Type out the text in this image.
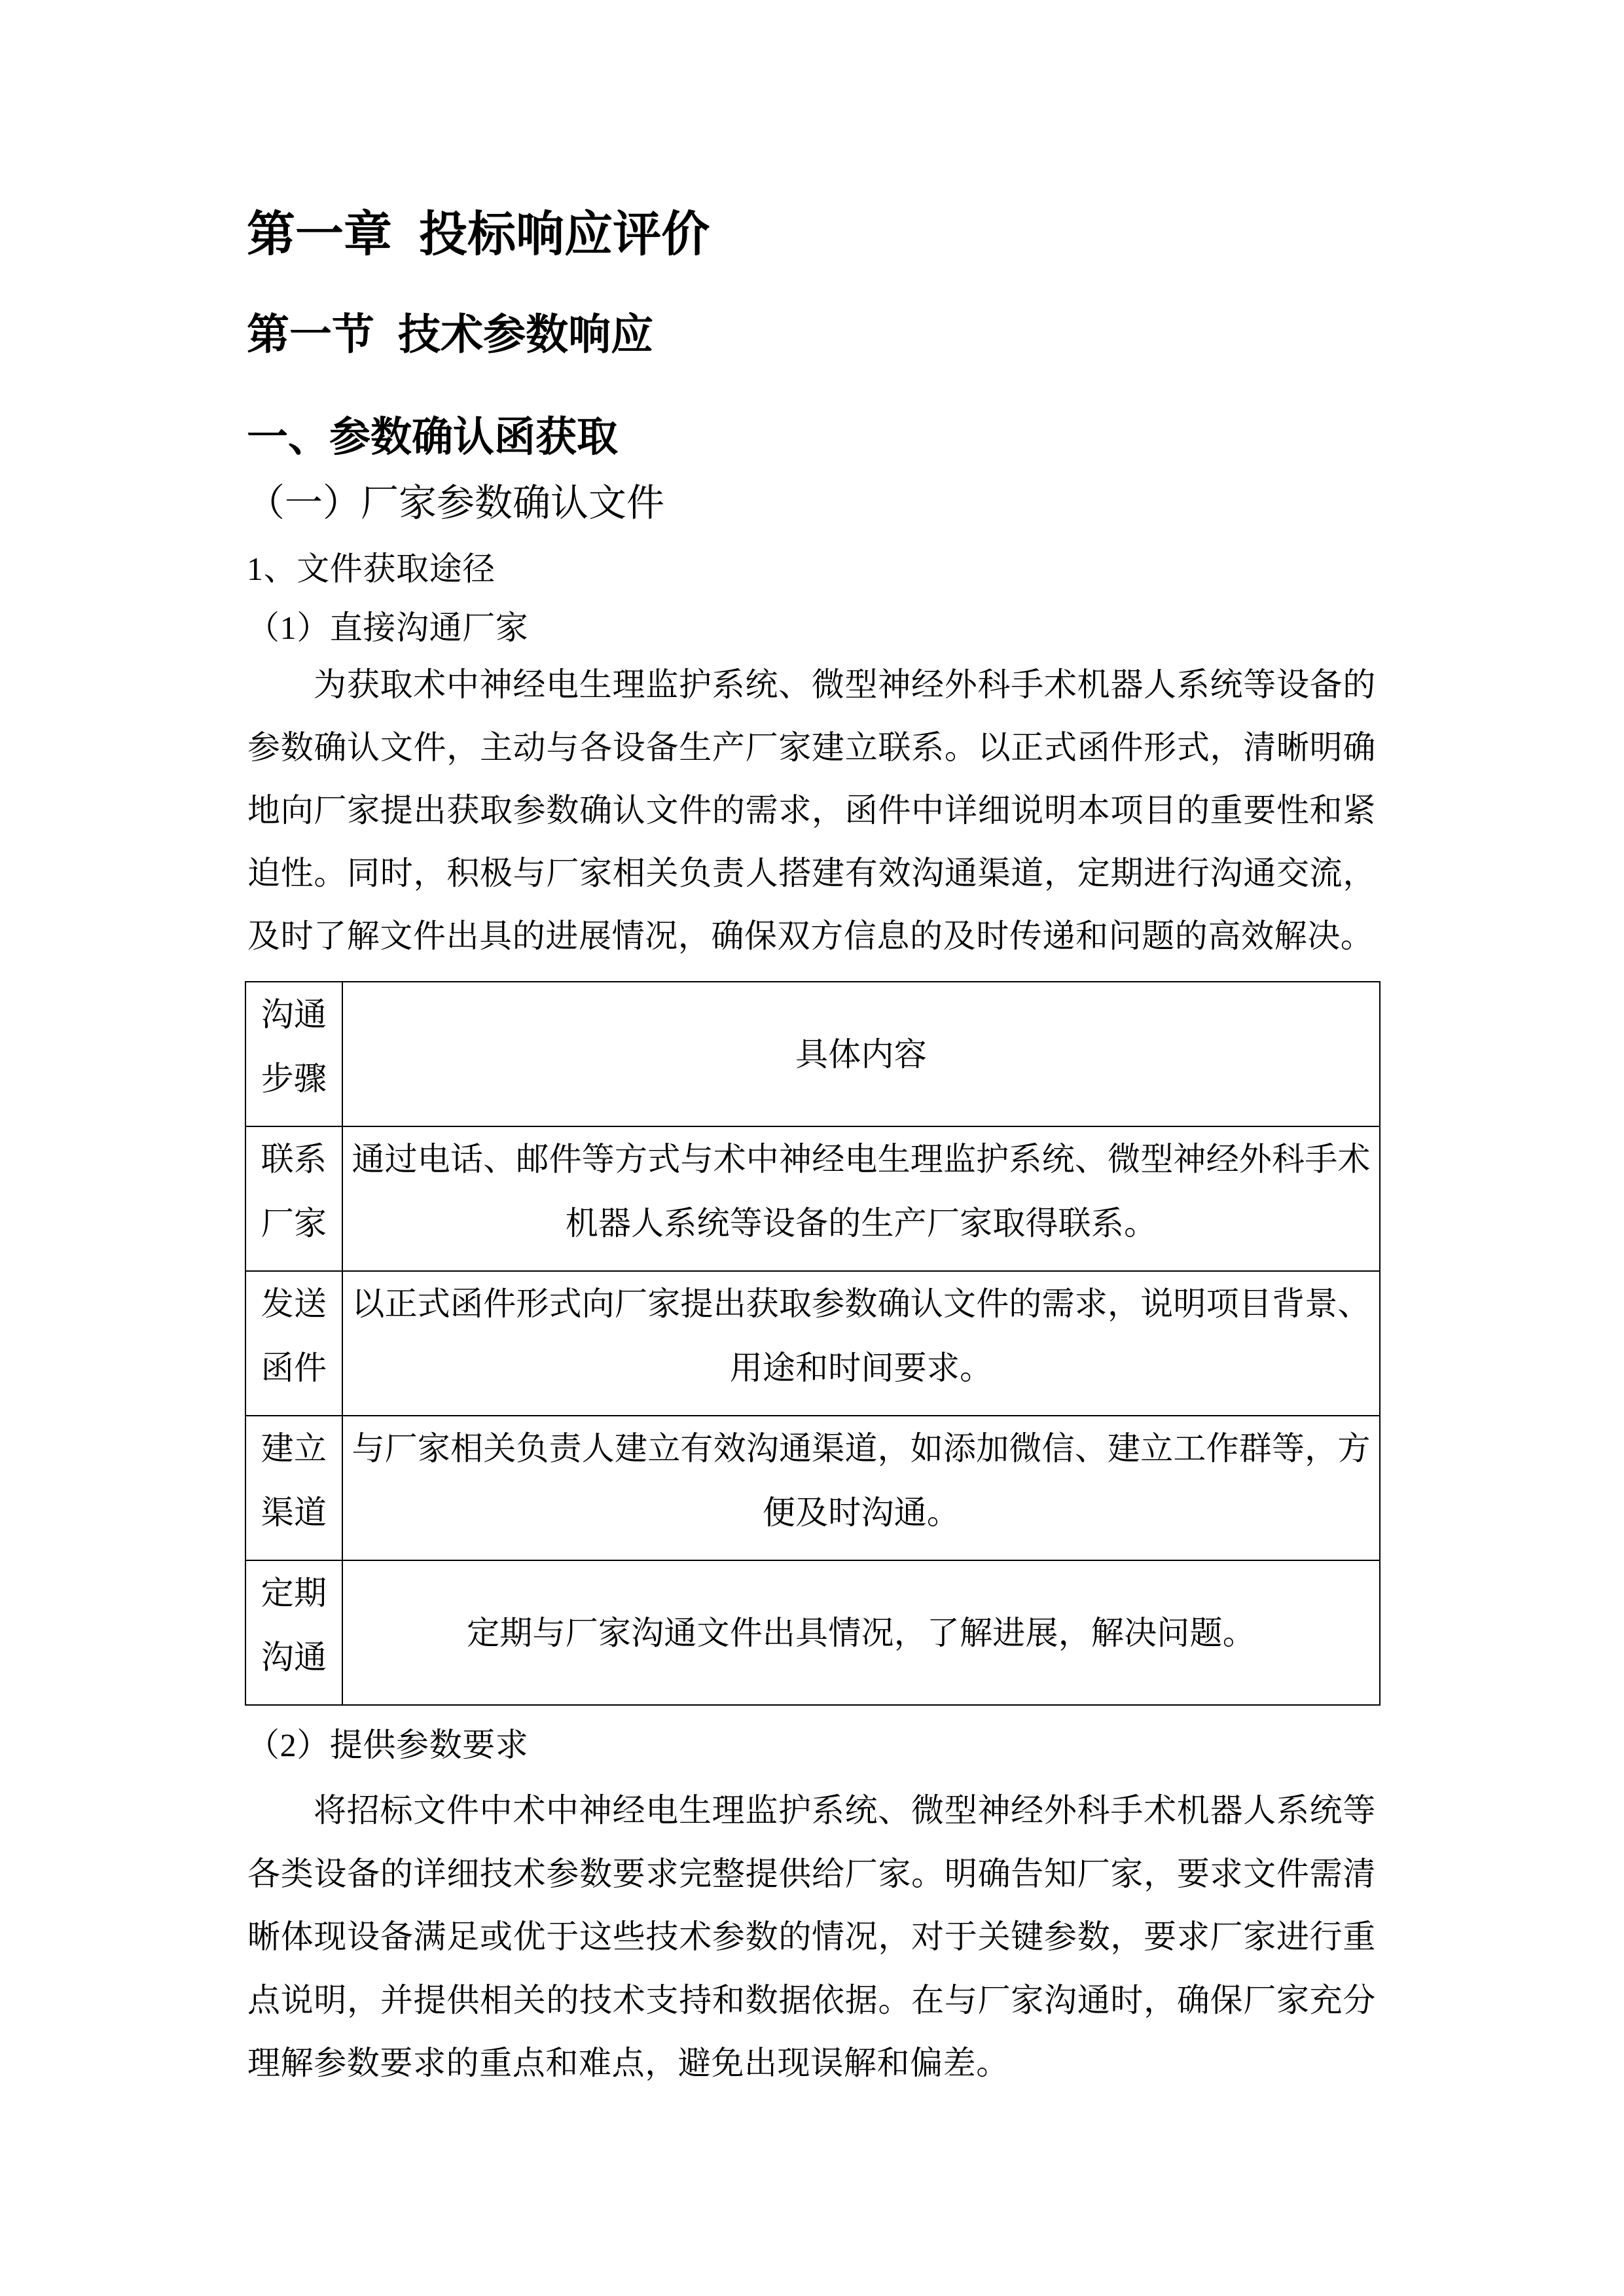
第一章  投标响应评价
第一节  技术参数响应
一、参数确认函获取
（一）厂家参数确认文件
1、文件获取途径
（1）直接沟通厂家

为获取术中神经电生理监护系统、微型神经外科手术机器人系统等设备的参数确认文件，主动与各设备生产厂家建立联系。以正式函件形式，清晰明确地向厂家提出获取参数确认文件的需求，函件中详细说明本项目的重要性和紧迫性。同时，积极与厂家相关负责人搭建有效沟通渠道，定期进行沟通交流，及时了解文件出具的进展情况，确保双方信息的及时传递和问题的高效解决。

沟通步骤	具体内容
联系厂家	通过电话、邮件等方式与术中神经电生理监护系统、微型神经外科手术机器人系统等设备的生产厂家取得联系。
发送函件	以正式函件形式向厂家提出获取参数确认文件的需求，说明项目背景、用途和时间要求。
建立渠道	与厂家相关负责人建立有效沟通渠道，如添加微信、建立工作群等，方便及时沟通。
定期沟通	定期与厂家沟通文件出具情况，了解进展，解决问题。
（2）提供参数要求

将招标文件中术中神经电生理监护系统、微型神经外科手术机器人系统等各类设备的详细技术参数要求完整提供给厂家。明确告知厂家，要求文件需清晰体现设备满足或优于这些技术参数的情况，对于关键参数，要求厂家进行重点说明，并提供相关的技术支持和数据依据。在与厂家沟通时，确保厂家充分理解参数要求的重点和难点，避免出现误解和偏差。
